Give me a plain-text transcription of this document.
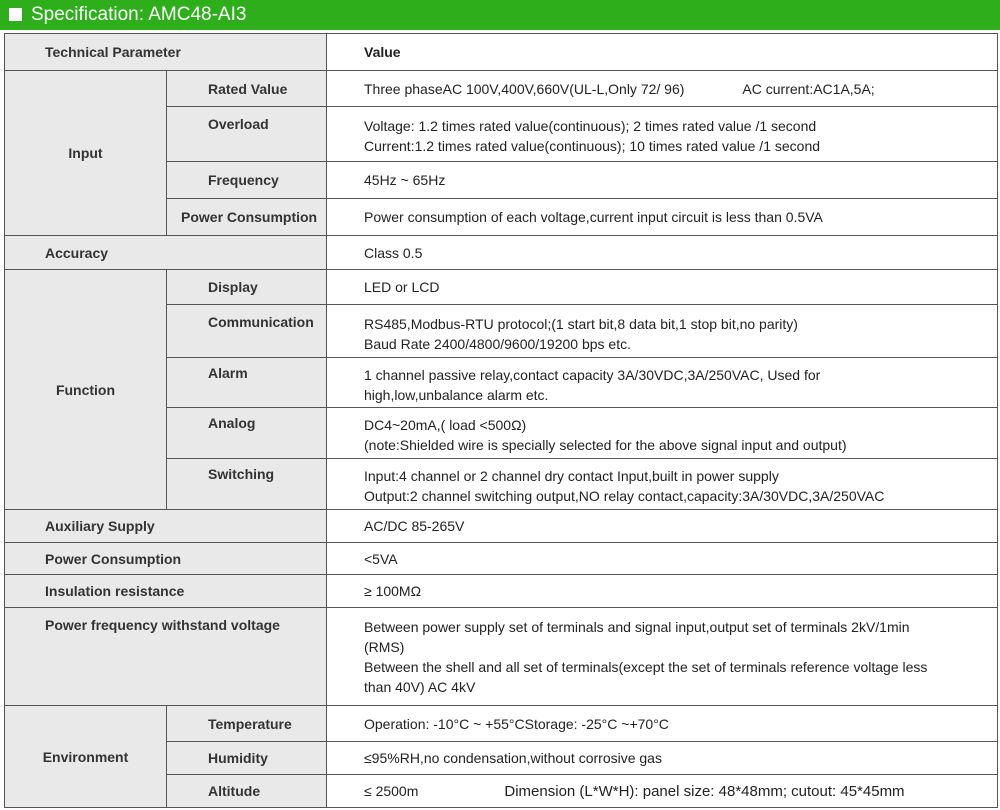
Specification: AMC48-AI3
Technical Parameter		Value
Input	Rated Value	Three phaseAC 100V,400V,660V(UL-L,Only 72/ 96) AC current:AC1A,5A;
	Overload	Voltage: 1.2 times rated value(continuous); 2 times rated value /1 second
Current:1.2 times rated value(continuous); 10 times rated value /1 second

	Frequency	45Hz ~ 65Hz
	Power Consumption	Power consumption of each voltage,current input circuit is less than 0.5VA
Accuracy		Class 0.5
Function	Display	LED or LCD
	Communication	RS485,Modbus-RTU protocol;(1 start bit,8 data bit,1 stop bit,no parity)
Baud Rate 2400/4800/9600/19200 bps etc.

	Alarm	1 channel passive relay,contact capacity 3A/30VDC,3A/250VAC, Used for
high,low,unbalance alarm etc.

	Analog	DC4~20mA,( load <500Ω)
(note:Shielded wire is specially selected for the above signal input and output)

	Switching	Input:4 channel or 2 channel dry contact Input,built in power supply
Output:2 channel switching output,NO relay contact,capacity:3A/30VDC,3A/250VAC

Auxiliary Supply		AC/DC 85-265V
Power Consumption		<5VA
Insulation resistance		≥ 100MΩ
Power frequency withstand voltage		Between power supply set of terminals and signal input,output set of terminals 2kV/1min
(RMS)
Between the shell and all set of terminals(except the set of terminals reference voltage less
than 40V) AC 4kV

Environment	Temperature	Operation: -10°C ~ +55°CStorage: -25°C ~+70°C
	Humidity	≤95%RH,no condensation,without corrosive gas
	Altitude	≤ 2500m Dimension (L*W*H): panel size: 48*48mm; cutout: 45*45mm
